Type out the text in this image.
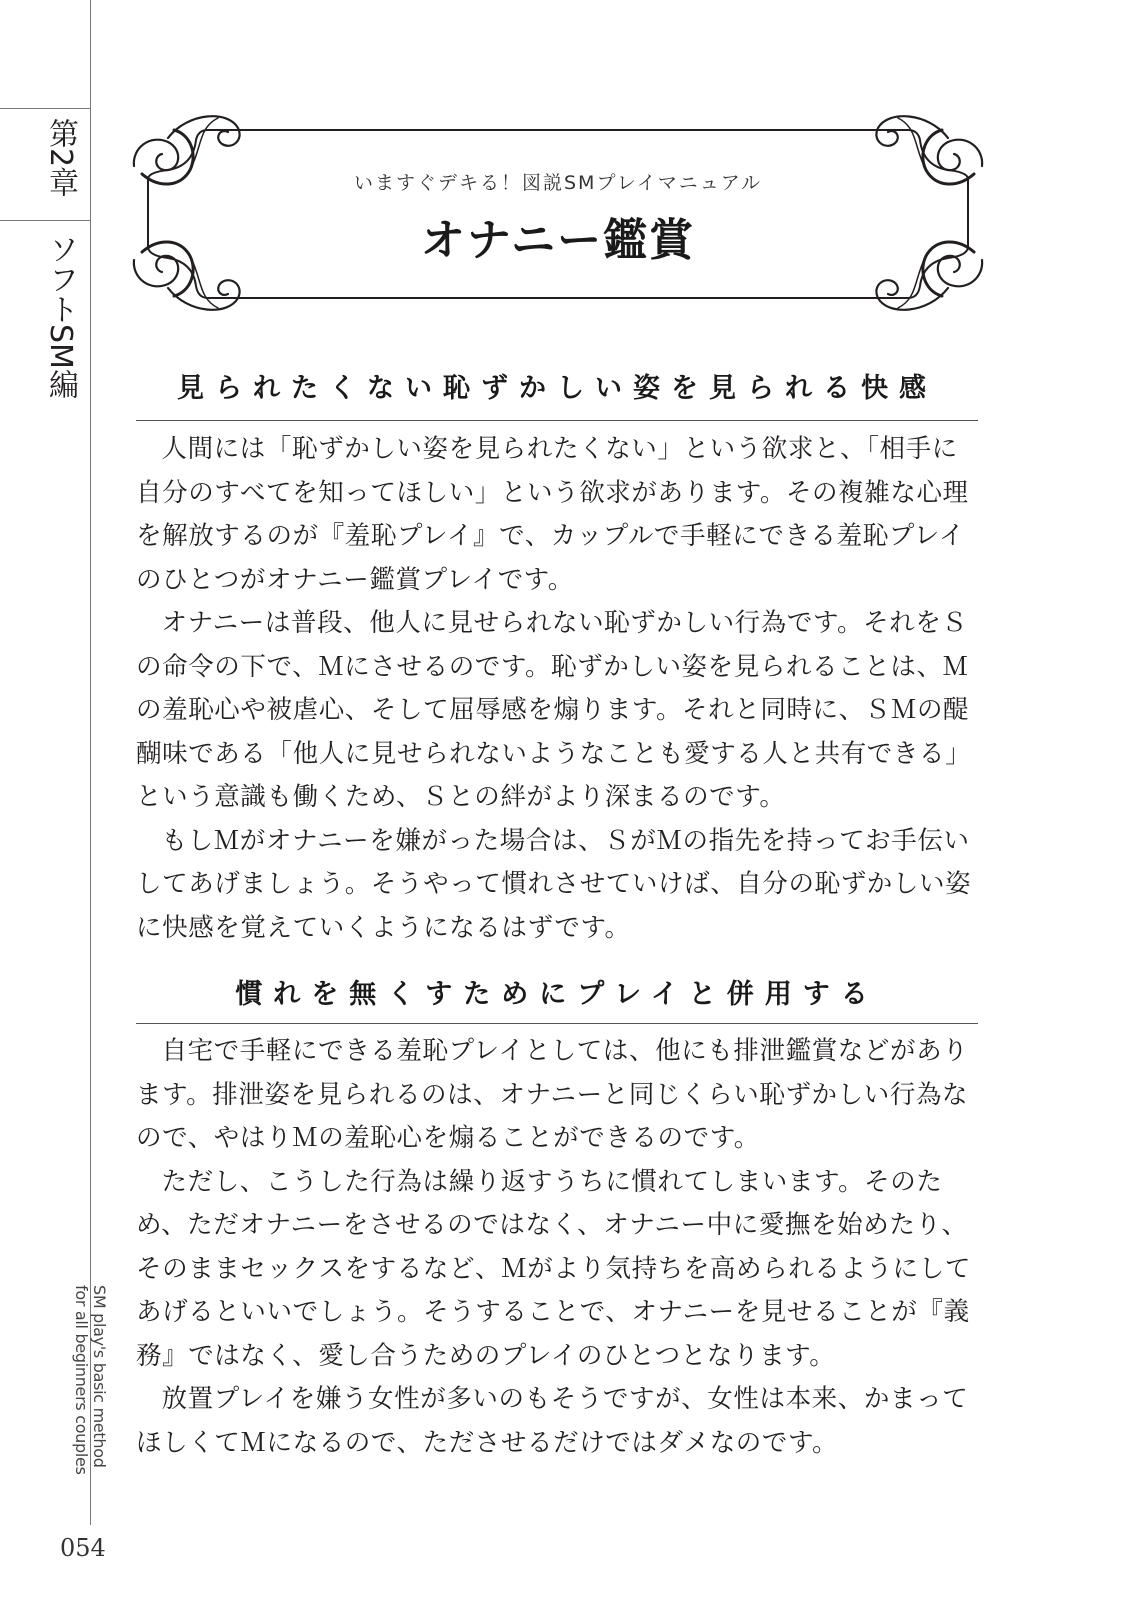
第2章
ソフトSM編
SM play's basic method
for all beginners couples
054
いますぐデキる！図説SMプレイマニュアル
オナニー鑑賞
見られたくない恥ずかしい姿を見られる快感

人間には「恥ずかしい姿を見られたくない」という欲求と、「相手に自分のすべてを知ってほしい」という欲求があります。その複雑な心理を解放するのが『羞恥プレイ』で、カップルで手軽にできる羞恥プレイのひとつがオナニー鑑賞プレイです。

オナニーは普段、他人に見せられない恥ずかしい行為です。それをＳの命令の下で、Ｍにさせるのです。恥ずかしい姿を見られることは、Ｍの羞恥心や被虐心、そして屈辱感を煽ります。それと同時に、ＳＭの醍醐味である「他人に見せられないようなことも愛する人と共有できる」という意識も働くため、Ｓとの絆がより深まるのです。

もしＭがオナニーを嫌がった場合は、ＳがＭの指先を持ってお手伝いしてあげましょう。そうやって慣れさせていけば、自分の恥ずかしい姿に快感を覚えていくようになるはずです。

慣れを無くすためにプレイと併用する

自宅で手軽にできる羞恥プレイとしては、他にも排泄鑑賞などがあります。排泄姿を見られるのは、オナニーと同じくらい恥ずかしい行為なので、やはりＭの羞恥心を煽ることができるのです。

ただし、こうした行為は繰り返すうちに慣れてしまいます。そのため、ただオナニーをさせるのではなく、オナニー中に愛撫を始めたり、そのままセックスをするなど、Ｍがより気持ちを高められるようにしてあげるといいでしょう。そうすることで、オナニーを見せることが『義務』ではなく、愛し合うためのプレイのひとつとなります。

放置プレイを嫌う女性が多いのもそうですが、女性は本来、かまってほしくてＭになるので、たださせるだけではダメなのです。
